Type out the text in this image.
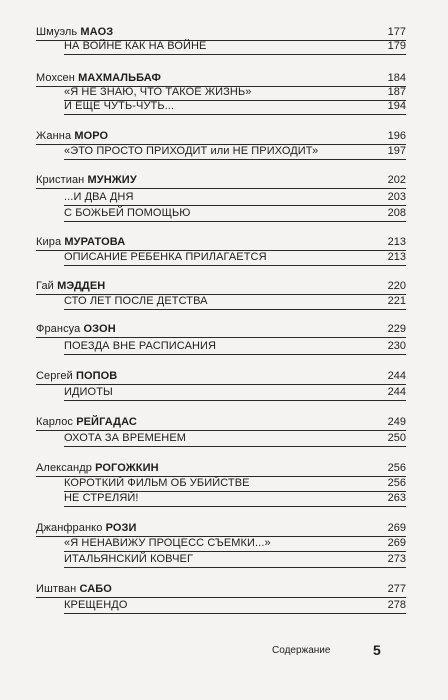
Шмуэль МАОЗ	177
НА ВОЙНЕ КАК НА ВОЙНЕ	179
Мохсен МАХМАЛЬБАФ	184
«Я НЕ ЗНАЮ, ЧТО ТАКОЕ ЖИЗНЬ»	187
И ЕЩЕ ЧУТЬ-ЧУТЬ...	194
Жанна МОРО	196
«ЭТО ПРОСТО ПРИХОДИТ или НЕ ПРИХОДИТ»	197
Кристиан МУНЖИУ	202
...И ДВА ДНЯ	203
С БОЖЬЕЙ ПОМОЩЬЮ	208
Кира МУРАТОВА	213
ОПИСАНИЕ РЕБЕНКА ПРИЛАГАЕТСЯ	213
Гай МЭДДЕН	220
СТО ЛЕТ ПОСЛЕ ДЕТСТВА	221
Франсуа ОЗОН	229
ПОЕЗДА ВНЕ РАСПИСАНИЯ	230
Сергей ПОПОВ	244
ИДИОТЫ	244
Карлос РЕЙГАДАС	249
ОХОТА ЗА ВРЕМЕНЕМ	250
Александр РОГОЖКИН	256
КОРОТКИЙ ФИЛЬМ ОБ УБИЙСТВЕ	256
НЕ СТРЕЛЯЙ!	263
Джанфранко РОЗИ	269
«Я НЕНАВИЖУ ПРОЦЕСС СЪЕМКИ...»	269
ИТАЛЬЯНСКИЙ КОВЧЕГ	273
Иштван САБО	277
КРЕЩЕНДО	278
Содержание	5
